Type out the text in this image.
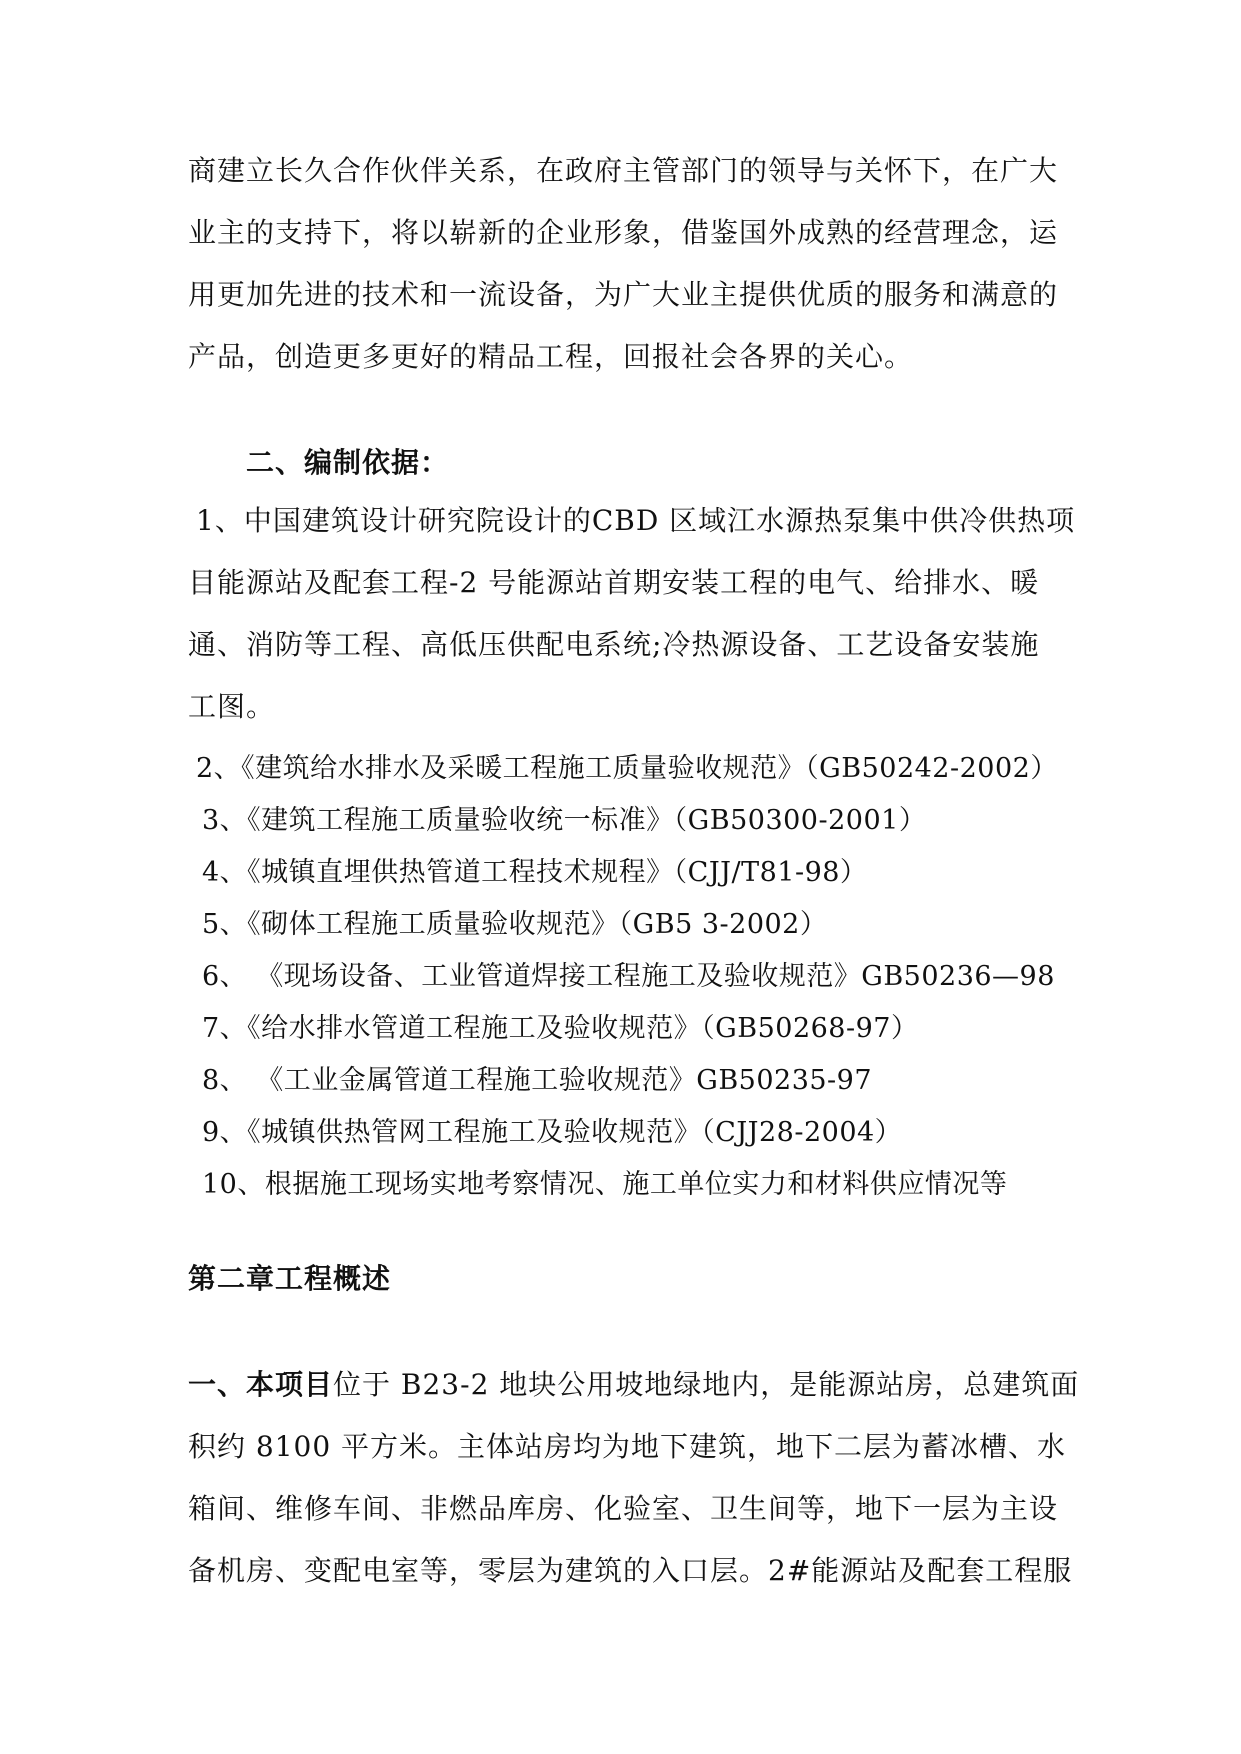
商建立长久合作伙伴关系，在政府主管部门的领导与关怀下，在广大
业主的支持下，将以崭新的企业形象，借鉴国外成熟的经营理念，运
用更加先进的技术和一流设备，为广大业主提供优质的服务和满意的
产品，创造更多更好的精品工程，回报社会各界的关心。
二、编制依据：
1、中国建筑设计研究院设计的CBD 区域江水源热泵集中供冷供热项
目能源站及配套工程-2 号能源站首期安装工程的电气、给排水、暖
通、消防等工程、高低压供配电系统;冷热源设备、工艺设备安装施
工图。
2、《建筑给水排水及采暖工程施工质量验收规范》（GB50242-2002）
3、《建筑工程施工质量验收统一标准》（GB50300-2001）
4、《城镇直埋供热管道工程技术规程》（CJJ/T81-98）
5、《砌体工程施工质量验收规范》（GB5 3-2002）
6、 《现场设备、工业管道焊接工程施工及验收规范》GB50236—98
7、《给水排水管道工程施工及验收规范》（GB50268-97）
8、 《工业金属管道工程施工验收规范》GB50235-97
9、《城镇供热管网工程施工及验收规范》（CJJ28-2004）
10、根据施工现场实地考察情况、施工单位实力和材料供应情况等
第二章工程概述
一、本项目位于 B23-2 地块公用坡地绿地内，是能源站房，总建筑面
积约 8100 平方米。主体站房均为地下建筑，地下二层为蓄冰槽、水
箱间、维修车间、非燃品库房、化验室、卫生间等，地下一层为主设
备机房、变配电室等，零层为建筑的入口层。2#能源站及配套工程服
